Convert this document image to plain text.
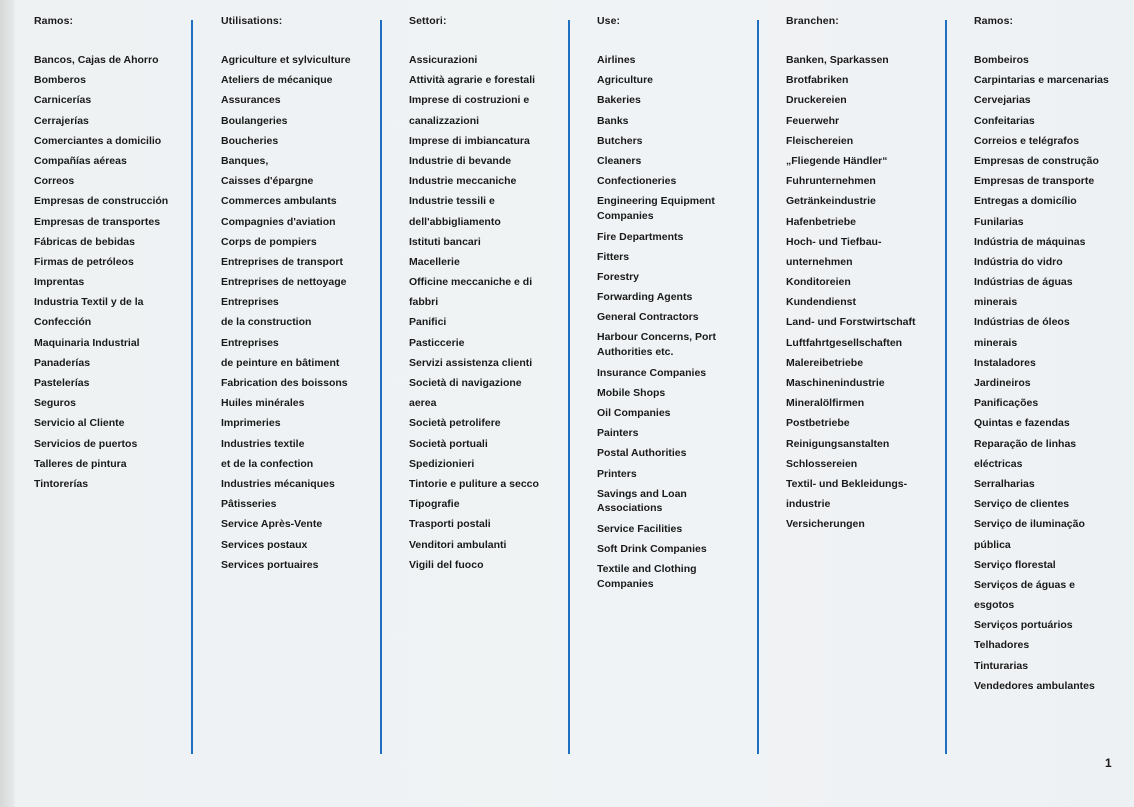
Ramos:
Bancos, Cajas de Ahorro
Bomberos
Carnicerías
Cerrajerías
Comerciantes a domicilio
Compañías aéreas
Correos
Empresas de construcción
Empresas de transportes
Fábricas de bebidas
Firmas de petróleos
Imprentas
Industria Textil y de la
Confección
Maquinaria Industrial
Panaderías
Pastelerías
Seguros
Servicio al Cliente
Servicios de puertos
Talleres de pintura
Tintorerías
Utilisations:
Agriculture et sylviculture
Ateliers de mécanique
Assurances
Boulangeries
Boucheries
Banques,
Caisses d'épargne
Commerces ambulants
Compagnies d'aviation
Corps de pompiers
Entreprises de transport
Entreprises de nettoyage
Entreprises
de la construction
Entreprises
de peinture en bâtiment
Fabrication des boissons
Huiles minérales
Imprimeries
Industries textile
et de la confection
Industries mécaniques
Pâtisseries
Service Après-Vente
Services postaux
Services portuaires
Settori:
Assicurazioni
Attività agrarie e forestali
Imprese di costruzioni e
canalizzazioni
Imprese di imbiancatura
Industrie di bevande
Industrie meccaniche
Industrie tessili e
dell'abbigliamento
Istituti bancari
Macellerie
Officine meccaniche e di
fabbri
Panifici
Pasticcerie
Servizi assistenza clienti
Società di navigazione
aerea
Società petrolifere
Società portuali
Spedizionieri
Tintorie e puliture a secco
Tipografie
Trasporti postali
Venditori ambulanti
Vigili del fuoco
Use:
Airlines
Agriculture
Bakeries
Banks
Butchers
Cleaners
Confectioneries
Engineering Equipment Companies
Fire Departments
Fitters
Forestry
Forwarding Agents
General Contractors
Harbour Concerns, Port Authorities etc.
Insurance Companies
Mobile Shops
Oil Companies
Painters
Postal Authorities
Printers
Savings and Loan Associations
Service Facilities
Soft Drink Companies
Textile and Clothing Companies
Branchen:
Banken, Sparkassen
Brotfabriken
Druckereien
Feuerwehr
Fleischereien
„Fliegende Händler“
Fuhrunternehmen
Getränkeindustrie
Hafenbetriebe
Hoch- und Tiefbau-
unternehmen
Konditoreien
Kundendienst
Land- und Forstwirtschaft
Luftfahrtgesellschaften
Malereibetriebe
Maschinenindustrie
Mineralölfirmen
Postbetriebe
Reinigungsanstalten
Schlossereien
Textil- und Bekleidungs-
industrie
Versicherungen
Ramos:
Bombeiros
Carpintarias e marcenarias
Cervejarias
Confeitarias
Correios e telégrafos
Empresas de construção
Empresas de transporte
Entregas a domicílio
Funilarias
Indústria de máquinas
Indústria do vidro
Indústrias de águas
minerais
Indústrias de óleos
minerais
Instaladores
Jardineiros
Panificações
Quintas e fazendas
Reparação de linhas
eléctricas
Serralharias
Serviço de clientes
Serviço de iluminação
pública
Serviço florestal
Serviços de águas e
esgotos
Serviços portuários
Telhadores
Tinturarias
Vendedores ambulantes
1
